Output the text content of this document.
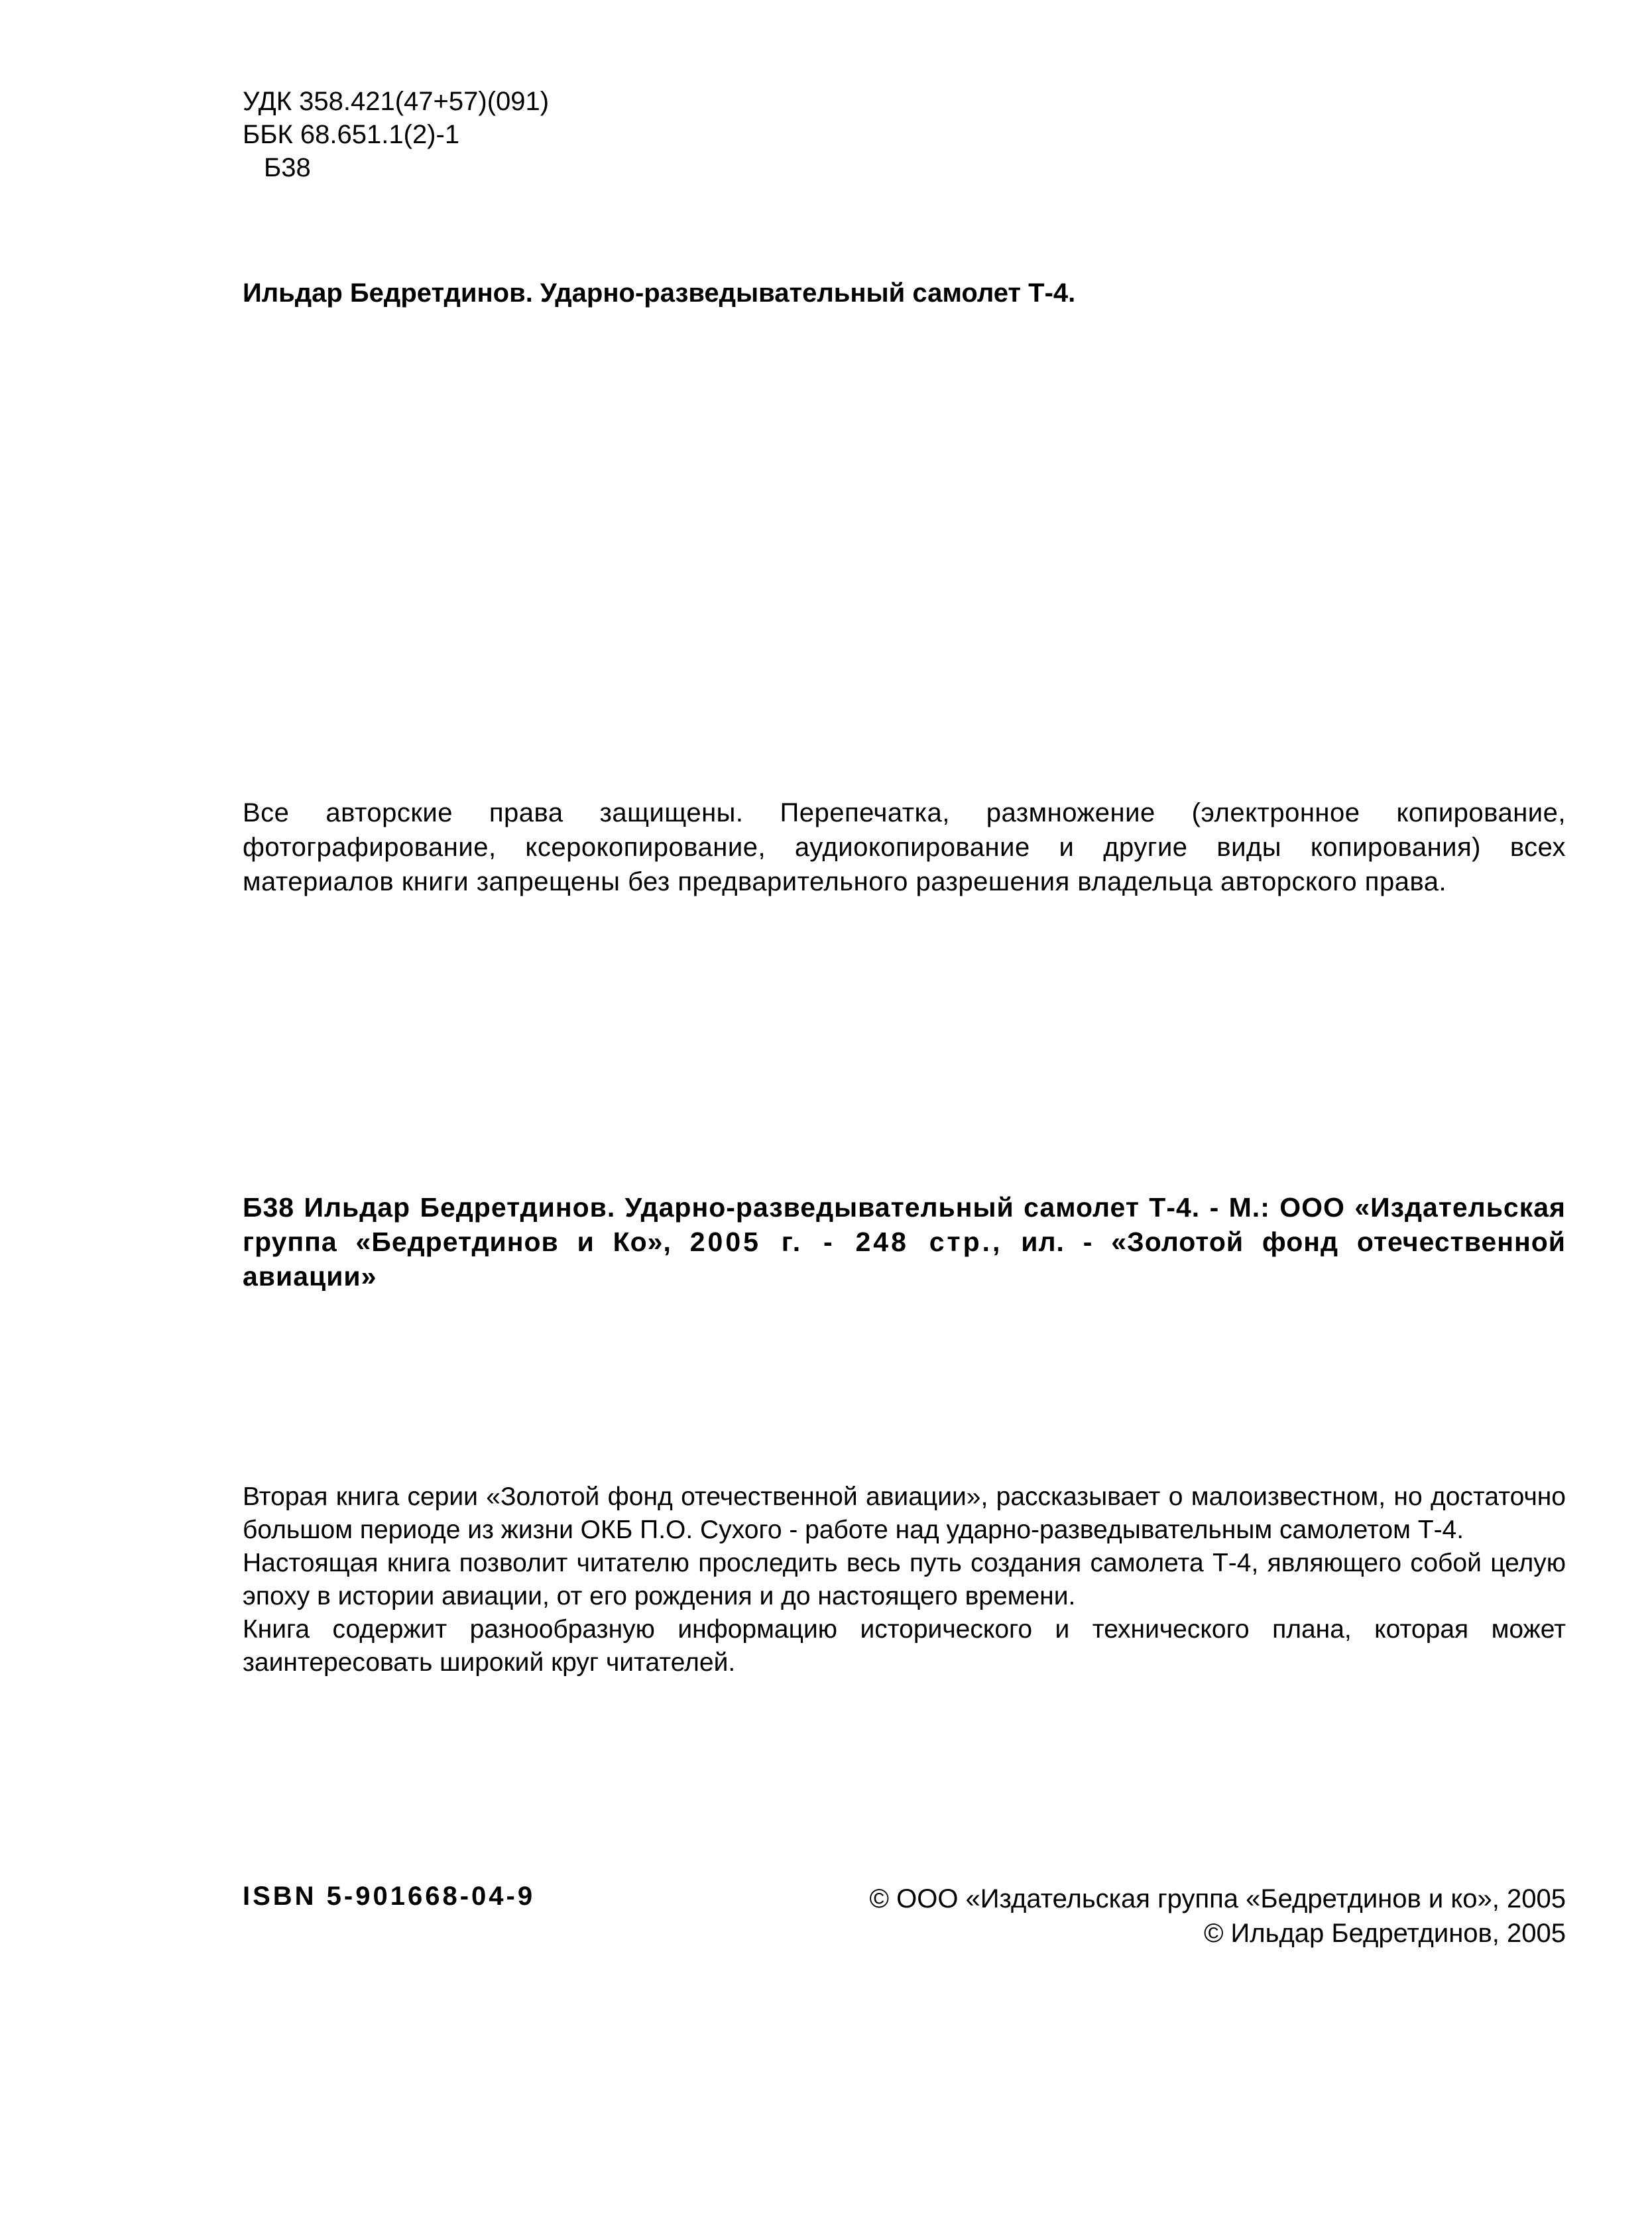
УДК 358.421(47+57)(091)
ББК 68.651.1(2)-1
Б38
Ильдар Бедретдинов. Ударно-разведывательный самолет Т-4.
Все авторские права защищены. Перепечатка, размножение (электронное копирование, фотографирование, ксерокопирование, аудиокопирование и другие виды копирования) всех материалов книги запрещены без предварительного разрешения владельца авторского права.
Б38 Ильдар Бедретдинов. Ударно-разведывательный самолет Т-4. - М.: ООО «Издательская группа «Бедретдинов и Ко», 2005 г. - 248 стр., ил. - «Золотой фонд отечественной авиации»

Вторая книга серии «Золотой фонд отечественной авиации», рассказывает о малоизвестном, но достаточно большом периоде из жизни ОКБ П.О. Сухого - работе над ударно-разведывательным самолетом Т-4.

Настоящая книга позволит читателю проследить весь путь создания самолета Т-4, являющего собой целую эпоху в истории авиации, от его рождения и до настоящего времени.

Книга содержит разнообразную информацию исторического и технического плана, которая может заинтересовать широкий круг читателей.

ISBN 5-901668-04-9	© ООО «Издательская группа «Бедретдинов и ко», 2005
© Ильдар Бедретдинов, 2005
